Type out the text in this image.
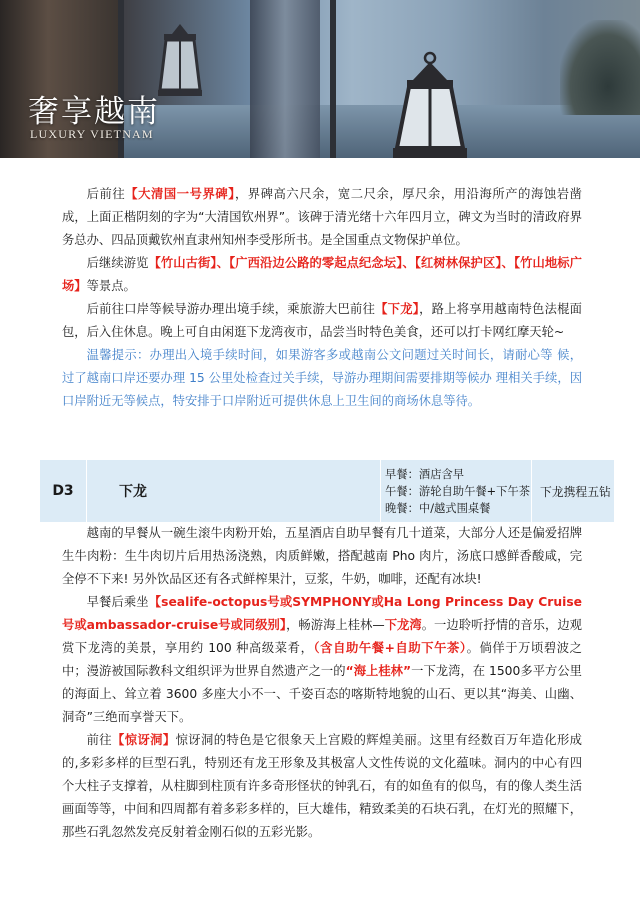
奢享越南
LUXURY VIETNAM

后前往【大清国一号界碑】，界碑高六尺余，宽二尺余，厚尺余，用沿海所产的海蚀岩凿成，上面正楷阴刻的字为“大清国钦州界”。该碑于清光绪十六年四月立，碑文为当时的清政府界务总办、四品顶戴钦州直隶州知州李受彤所书。是全国重点文物保护单位。

后继续游览【竹山古街】、【广西沿边公路的零起点纪念坛】、【红树林保护区】、【竹山地标广场】等景点。

后前往口岸等候导游办理出境手续，乘旅游大巴前往【下龙】，路上将享用越南特色法棍面包，后入住休息。晚上可自由闲逛下龙湾夜市，品尝当时特色美食，还可以打卡网红摩天轮~

温馨提示：办理出入境手续时间，如果游客多或越南公文问题过关时间长，请耐心等 候，过了越南口岸还要办理 15 公里处检查过关手续，导游办理期间需要排期等候办 理相关手续，因口岸附近无等候点，特安排于口岸附近可提供休息上卫生间的商场休息等待。

D3	下龙
早餐：酒店含早
午餐：游轮自助午餐+下午茶
晚餐：中/越式围桌餐
下龙携程五钻

越南的早餐从一碗生滚牛肉粉开始，五星酒店自助早餐有几十道菜，大部分人还是偏爱招牌生牛肉粉：生牛肉切片后用热汤浇熟，肉质鲜嫩，搭配越南 Pho 肉片，汤底口感鲜香酸咸，完全停不下来! 另外饮品区还有各式鲜榨果汁，豆浆，牛奶，咖啡，还配有冰块!

早餐后乘坐【sealife-octopus号或SYMPHONY或Ha Long Princess Day Cruise号或ambassador-cruise号或同级别】，畅游海上桂林—下龙湾。一边聆听抒情的音乐，边观赏下龙湾的美景，享用约 100 种高级菜肴，（含自助午餐+自助下午茶）。倘佯于万顷碧波之中；漫游被国际教科文组织评为世界自然遗产之一的“海上桂林”一下龙湾，在 1500多平方公里的海面上、耸立着 3600 多座大小不一、千姿百态的喀斯特地貌的山石、更以其“海美、山幽、洞奇”三绝而享誉天下。

前往【惊讶洞】惊讶洞的特色是它很象天上宫殿的辉煌美丽。这里有经数百万年造化形成的,多彩多样的巨型石乳，特别还有龙王形象及其极富人文性传说的文化蕴味。洞内的中心有四个大柱子支撑着，从柱脚到柱顶有许多奇形怪状的钟乳石，有的如鱼有的似鸟，有的像人类生活画面等等，中间和四周都有着多彩多样的，巨大雄伟，精致柔美的石块石乳，在灯光的照耀下，那些石乳忽然发亮反射着金刚石似的五彩光影。
